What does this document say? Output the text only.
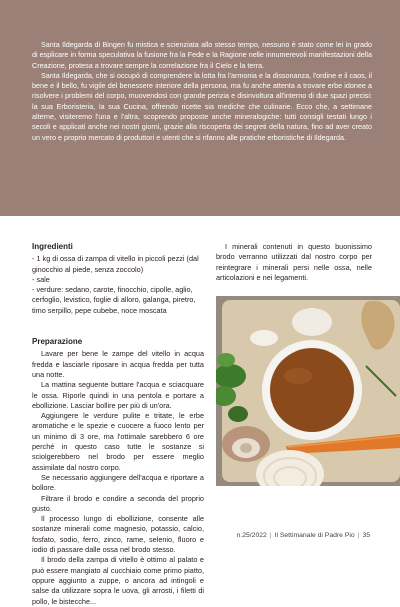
Santa Ildegarda di Bingen fu mistica e scienziata allo stesso tempo, nessuno è stato come lei in grado di esplicare in forma speculativa la fusione fra la Fede e la Ragione nelle innumerevoli manifestazioni della Creazione, protesa a trovare sempre la correlazione fra il Cielo e la terra.

Santa Ildegarda, che si occupò di comprendere la lotta fra l'armonia e la dissonanza, l'ordine e il caos, il bene e il bello, fu vigile del benessere interiore della persona, ma fu anche attenta a trovare erbe idonee a risolvere i problemi del corpo, muovendosi con grande perizia e disinvoltura all'interno di due spazi precisi: la sua Erboristeria, la sua Cucina, offrendo ricette sia mediche che culinarie. Ecco che, a settimane alterne, visiteremo l'una e l'altra, scoprendo proposte anche mineralogiche: tutti consigli testati lungo i secoli e applicati anche nei nostri giorni, grazie alla riscoperta dei segreti della natura, fino ad aver creato un vero e proprio mercato di produttori e utenti che si rifanno alle pratiche erboristiche di Ildegarda.

Ingredienti
- 1 kg di ossa di zampa di vitello in piccoli pezzi (dal ginocchio al piede, senza zoccolo)
- sale
- verdure: sedano, carote, finocchio, cipolle, aglio, cerfoglio, levistico, foglie di alloro, galanga, piretro, timo serpillo, pepe cubebe, noce moscata
Preparazione

Lavare per bene le zampe del vitello in acqua fredda e lasciarle riposare in acqua fredda per tutta una notte.

La mattina seguente buttare l'acqua e sciacquare le ossa. Riporle quindi in una pentola e portare a ebollizione. Lasciar bollire per più di un'ora.

Aggiungere le verdure pulite e tritate, le erbe aromatiche e le spezie e cuocere a fuoco lento per un minimo di 3 ore, ma l'ottimale sarebbero 6 ore perché in questo caso tutte le sostanze si sciolgerebbero nel brodo per essere meglio assimilate dal nostro corpo.

Se necessario aggiungere dell'acqua e riportare a bollore.

Filtrare il brodo e condire a seconda del proprio gusto.

Il processo lungo di ebollizione, consente alle sostanze minerali come magnesio, potassio, calcio, fosfato, sodio, ferro, zinco, rame, selenio, fluoro e iodio di passare dalle ossa nel brodo stesso.

Il brodo della zampa di vitello è ottimo al palato e può essere mangiato al cucchiaio come primo piatto, oppure aggiunto a zuppe, o ancora ad intingoli e salse da utilizzare sopra le uova, gli arrosti, i filetti di pollo, le bistecche...

I minerali contenuti in questo buonissimo brodo verranno utilizzati dal nostro corpo per reintegrare i minerali persi nelle ossa, nelle articolazioni e nei legamenti.

n.25/2022 | Il Settimanale di Padre Pio | 35
